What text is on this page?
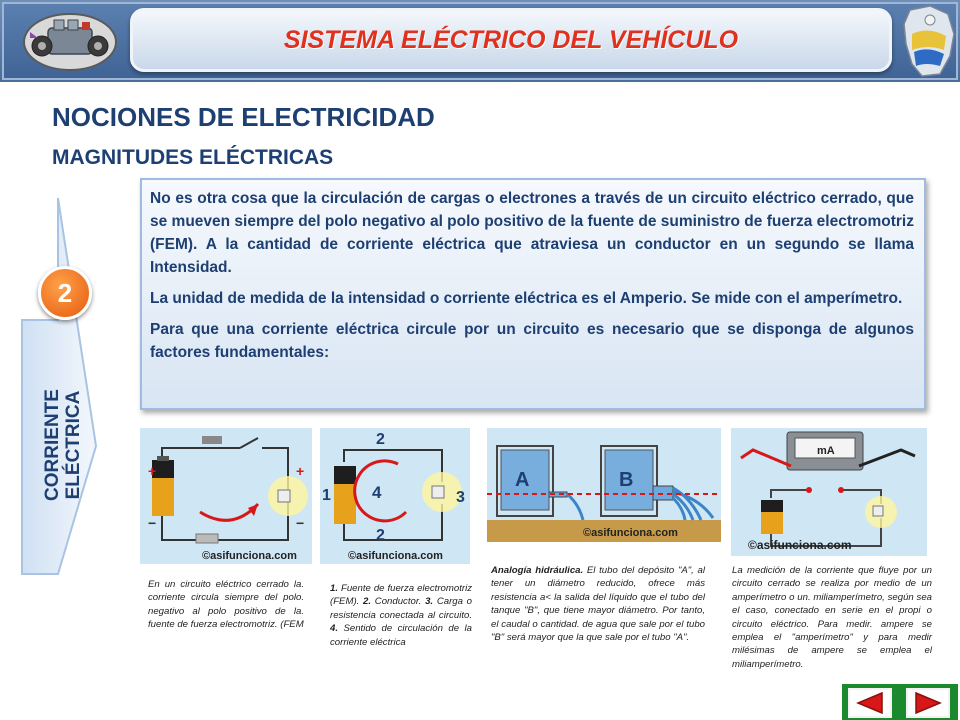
SISTEMA ELÉCTRICO DEL VEHÍCULO
NOCIONES DE ELECTRICIDAD
MAGNITUDES ELÉCTRICAS
CORRIENTE
ELÉCTRICA
2

No es otra cosa que la circulación de cargas o electrones a través de un circuito eléctrico cerrado, que se mueven siempre del polo negativo al polo positivo de la fuente de suministro de fuerza electromotriz (FEM). A la cantidad de corriente eléctrica que atraviesa un conductor en un segundo se llama Intensidad.

La unidad de medida de la intensidad o corriente eléctrica es el Amperio. Se mide con el amperímetro.

Para que una corriente eléctrica circule por un circuito es necesario que se disponga de algunos factores fundamentales:

+
−
+
−
©asifunciona.com
2
1 4	3
2
©asifunciona.com
A	B
©asifunciona.com
mA
©asifunciona.com
En un circuito eléctrico cerrado la. corriente circula siempre del polo. negativo al polo positivo de la. fuente de fuerza electromotriz. (FEM
1. Fuente de fuerza electromotriz (FEM). 2. Conductor. 3. Carga o resistencia conectada al circuito. 4. Sentido de circulación de la corriente eléctrica
Analogía hidráulica. El tubo del depósito "A", al tener un diámetro reducido, ofrece más resistencia a< la salida del líquido que el tubo del tanque "B", que tiene mayor diámetro. Por tanto, el caudal o cantidad. de agua que sale por el tubo "B" será mayor que la que sale por el tubo "A".
La medición de la corriente que fluye por un circuito cerrado se realiza por medio de un amperímetro o un. miliamperímetro, según sea el caso, conectado en serie en el propi o circuito eléctrico. Para medir. ampere se emplea el "amperímetro" y para medir milésimas de ampere se emplea el miliamperímetro.
